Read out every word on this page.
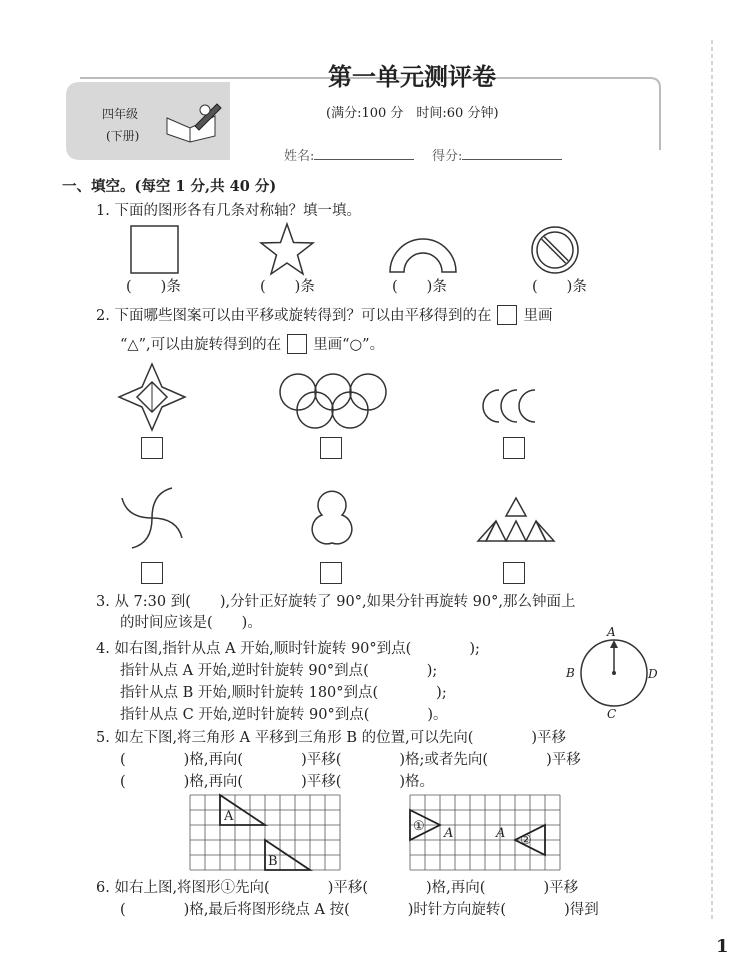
四年级
(下册)
第一单元测评卷
(满分:100 分　时间:60 分钟)
姓名:	得分:
一、填空。(每空 1 分,共 40 分)
1. 下面的图形各有几条对称轴？填一填。
(　　)条	(　　)条	(　　)条	(　　)条
2. 下面哪些图案可以由平移或旋转得到？可以由平移得到的在 里画
“△”,可以由旋转得到的在 里画“○”。
3. 从 7:30 到(　　),分针正好旋转了 90°,如果分针再旋转 90°,那么钟面上
的时间应该是(　　)。
4. 如右图,指针从点 A 开始,顺时针旋转 90°到点(　　　　);
指针从点 A 开始,逆时针旋转 90°到点(　　　　);
指针从点 B 开始,顺时针旋转 180°到点(　　　　);
指针从点 C 开始,逆时针旋转 90°到点(　　　　)。
A
B	D
C
5. 如左下图,将三角形 A 平移到三角形 B 的位置,可以先向(　　　　)平移
(　　　　)格,再向(　　　　)平移(　　　　)格;或者先向(　　　　)平移
(　　　　)格,再向(　　　　)平移(　　　　)格。
A
B
① A	A ②
6. 如右上图,将图形①先向(　　　　)平移(　　　　)格,再向(　　　　)平移
(　　　　)格,最后将图形绕点 A 按(　　　　)时针方向旋转(　　　　)得到
1
